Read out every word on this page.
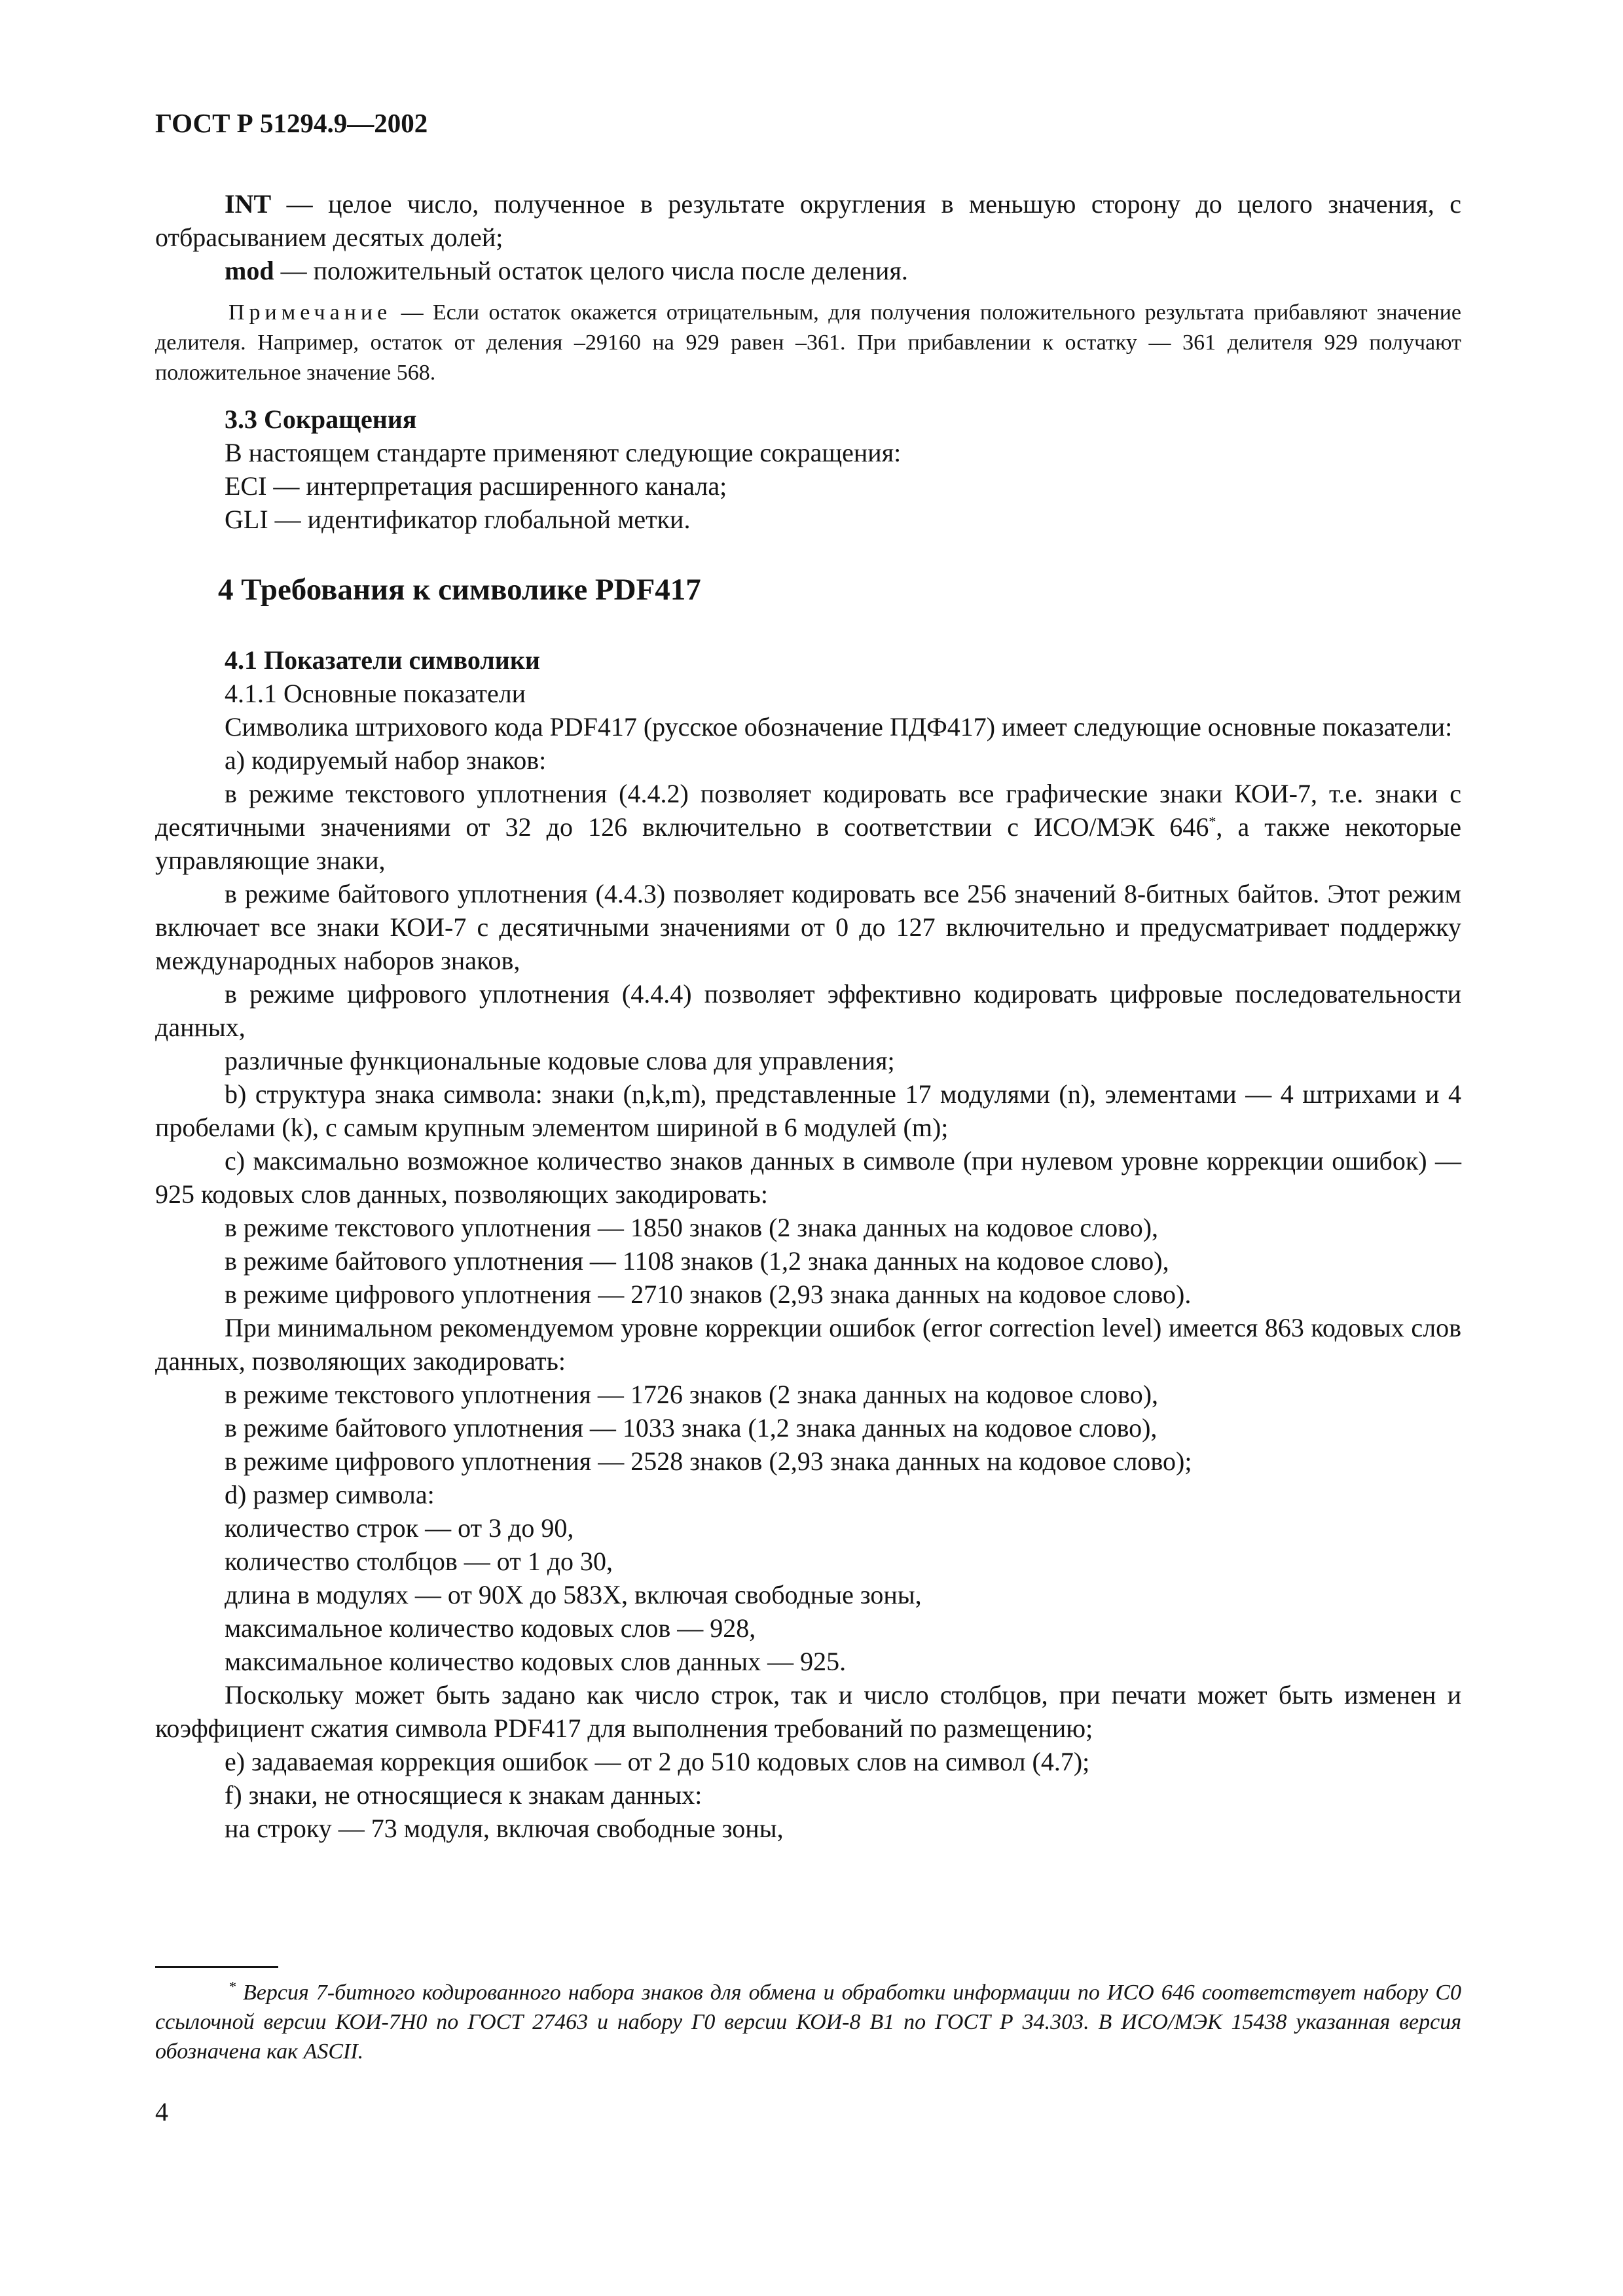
ГОСТ Р 51294.9—2002

INT — целое число, полученное в результате округления в меньшую сторону до целого значения, с отбрасыванием десятых долей;

mod — положительный остаток целого числа после деления.

Примечание — Если остаток окажется отрицательным, для получения положительного результата прибавляют значение делителя. Например, остаток от деления –29160 на 929 равен –361. При прибавлении к остатку — 361 делителя 929 получают положительное значение 568.

3.3 Сокращения

В настоящем стандарте применяют следующие сокращения:

ECI — интерпретация расширенного канала;

GLI — идентификатор глобальной метки.

4 Требования к символике PDF417

4.1 Показатели символики

4.1.1 Основные показатели

Символика штрихового кода PDF417 (русское обозначение ПДФ417) имеет следующие основные показатели:

a) кодируемый набор знаков:

в режиме текстового уплотнения (4.4.2) позволяет кодировать все графические знаки КОИ-7, т.е. знаки с десятичными значениями от 32 до 126 включительно в соответствии с ИСО/МЭК 646*, а также некоторые управляющие знаки,

в режиме байтового уплотнения (4.4.3) позволяет кодировать все 256 значений 8-битных байтов. Этот режим включает все знаки КОИ-7 с десятичными значениями от 0 до 127 включительно и предусматривает поддержку международных наборов знаков,

в режиме цифрового уплотнения (4.4.4) позволяет эффективно кодировать цифровые последовательности данных,

различные функциональные кодовые слова для управления;

b) структура знака символа: знаки (n,k,m), представленные 17 модулями (n), элементами — 4 штрихами и 4 пробелами (k), с самым крупным элементом шириной в 6 модулей (m);

c) максимально возможное количество знаков данных в символе (при нулевом уровне коррекции ошибок) — 925 кодовых слов данных, позволяющих закодировать:

в режиме текстового уплотнения — 1850 знаков (2 знака данных на кодовое слово),

в режиме байтового уплотнения — 1108 знаков (1,2 знака данных на кодовое слово),

в режиме цифрового уплотнения — 2710 знаков (2,93 знака данных на кодовое слово).

При минимальном рекомендуемом уровне коррекции ошибок (error correction level) имеется 863 кодовых слов данных, позволяющих закодировать:

в режиме текстового уплотнения — 1726 знаков (2 знака данных на кодовое слово),

в режиме байтового уплотнения — 1033 знака (1,2 знака данных на кодовое слово),

в режиме цифрового уплотнения — 2528 знаков (2,93 знака данных на кодовое слово);

d) размер символа:

количество строк — от 3 до 90,

количество столбцов — от 1 до 30,

длина в модулях — от 90X до 583X, включая свободные зоны,

максимальное количество кодовых слов — 928,

максимальное количество кодовых слов данных — 925.

Поскольку может быть задано как число строк, так и число столбцов, при печати может быть изменен и коэффициент сжатия символа PDF417 для выполнения требований по размещению;

e) задаваемая коррекция ошибок — от 2 до 510 кодовых слов на символ (4.7);

f) знаки, не относящиеся к знакам данных:

на строку — 73 модуля, включая свободные зоны,

* Версия 7-битного кодированного набора знаков для обмена и обработки информации по ИСО 646 соответствует набору С0 ссылочной версии КОИ-7Н0 по ГОСТ 27463 и набору Г0 версии КОИ-8 В1 по ГОСТ Р 34.303. В ИСО/МЭК 15438 указанная версия обозначена как ASCII.
4
